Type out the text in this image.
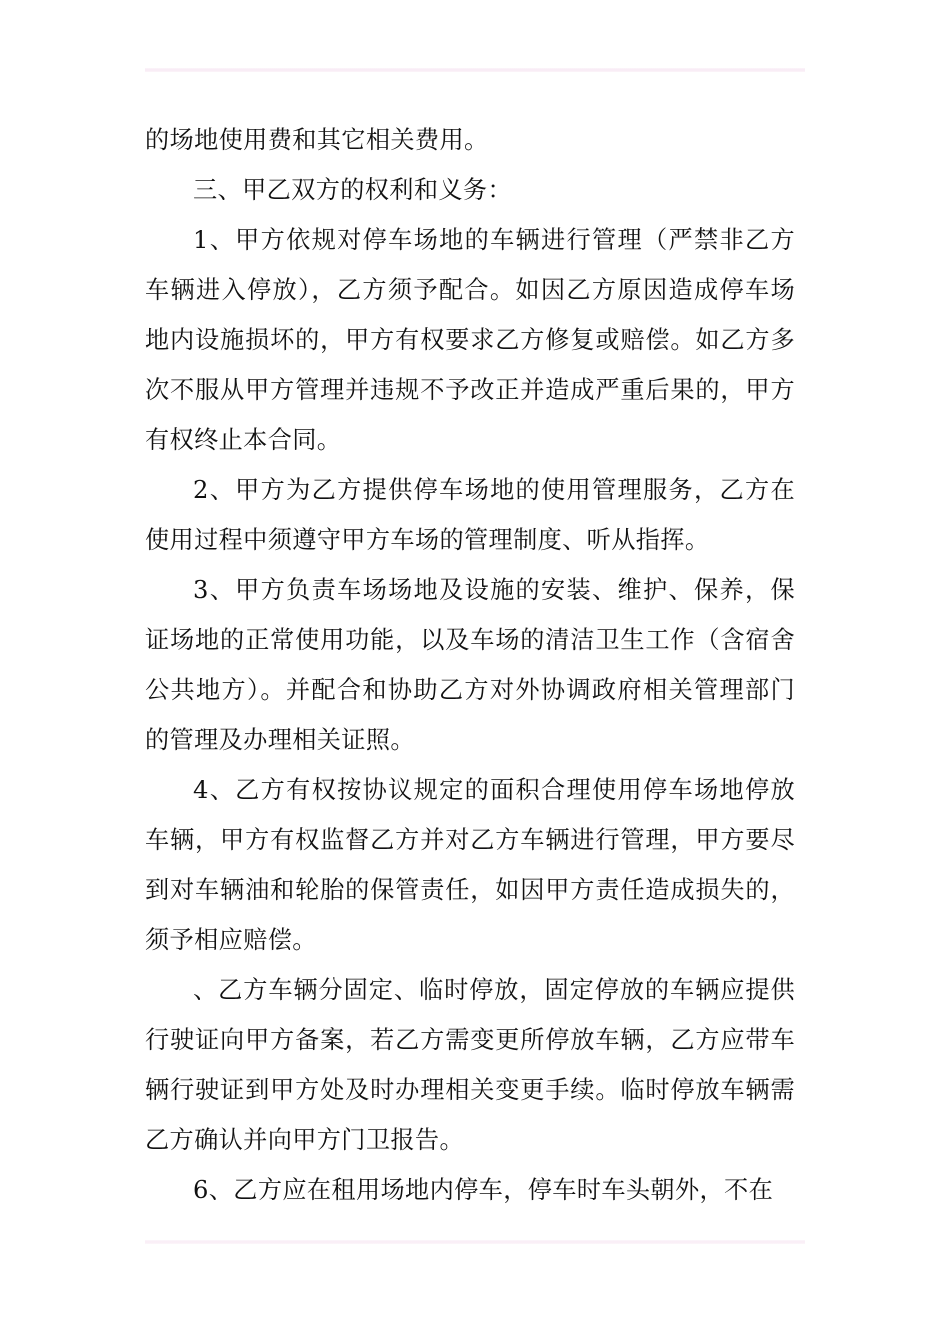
的场地使用费和其它相关费用。

三、甲乙双方的权利和义务：

1、甲方依规对停车场地的车辆进行管理（严禁非乙方车辆进入停放），乙方须予配合。如因乙方原因造成停车场地内设施损坏的，甲方有权要求乙方修复或赔偿。如乙方多次不服从甲方管理并违规不予改正并造成严重后果的，甲方有权终止本合同。

2、甲方为乙方提供停车场地的使用管理服务，乙方在使用过程中须遵守甲方车场的管理制度、听从指挥。

3、甲方负责车场场地及设施的安装、维护、保养，保证场地的正常使用功能，以及车场的清洁卫生工作（含宿舍公共地方）。并配合和协助乙方对外协调政府相关管理部门的管理及办理相关证照。

4、乙方有权按协议规定的面积合理使用停车场地停放车辆，甲方有权监督乙方并对乙方车辆进行管理，甲方要尽到对车辆油和轮胎的保管责任，如因甲方责任造成损失的，须予相应赔偿。

、乙方车辆分固定、临时停放，固定停放的车辆应提供行驶证向甲方备案，若乙方需变更所停放车辆，乙方应带车辆行驶证到甲方处及时办理相关变更手续。临时停放车辆需乙方确认并向甲方门卫报告。

6、乙方应在租用场地内停车，停车时车头朝外，不在
